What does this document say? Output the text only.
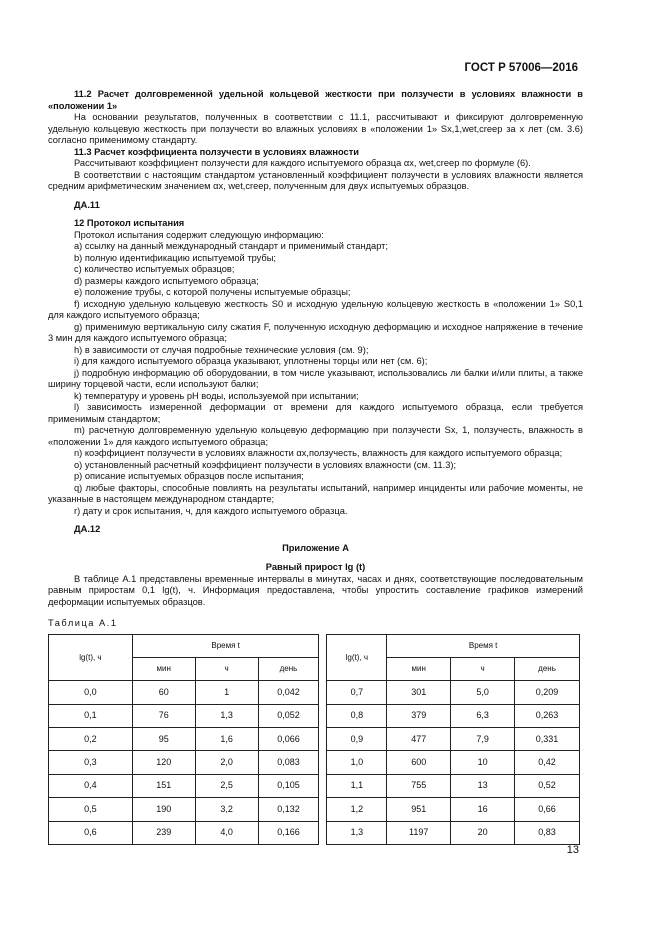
ГОСТ Р 57006—2016

11.2 Расчет долговременной удельной кольцевой жесткости при ползучести в условиях влажности в «положении 1»

На основании результатов, полученных в соответствии с 11.1, рассчитывают и фиксируют долговременную удельную кольцевую жесткость при ползучести во влажных условиях в «положении 1» Sx,1,wet,creep за x лет (см. 3.6) согласно применимому стандарту.

11.3 Расчет коэффициента ползучести в условиях влажности

Рассчитывают коэффициент ползучести для каждого испытуемого образца αx, wet,creep по формуле (6).

В соответствии с настоящим стандартом установленный коэффициент ползучести в условиях влажности является средним арифметическим значением αx, wet,creep, полученным для двух испытуемых образцов.

ДА.11

12 Протокол испытания

Протокол испытания содержит следующую информацию:

a) ссылку на данный международный стандарт и применимый стандарт;

b) полную идентификацию испытуемой трубы;

c) количество испытуемых образцов;

d) размеры каждого испытуемого образца;

e) положение трубы, с которой получены испытуемые образцы;

f) исходную удельную кольцевую жесткость S0 и исходную удельную кольцевую жесткость в «положении 1» S0,1 для каждого испытуемого образца;

g) применимую вертикальную силу сжатия F, полученную исходную деформацию и исходное напряжение в течение 3 мин для каждого испытуемого образца;

h) в зависимости от случая подробные технические условия (см. 9);

i) для каждого испытуемого образца указывают, уплотнены торцы или нет (см. 6);

j) подробную информацию об оборудовании, в том числе указывают, использовались ли балки и/или плиты, а также ширину торцевой части, если используют балки;

k) температуру и уровень pH воды, используемой при испытании;

l) зависимость измеренной деформации от времени для каждого испытуемого образца, если требуется применимым стандартом;

m) расчетную долговременную удельную кольцевую деформацию при ползучести Sx, 1, ползучесть, влажность в «положении 1» для каждого испытуемого образца;

n) коэффициент ползучести в условиях влажности αx,ползучесть, влажность для каждого испытуемого образца;

o) установленный расчетный коэффициент ползучести в условиях влажности (см. 11.3);

p) описание испытуемых образцов после испытания;

q) любые факторы, способные повлиять на результаты испытаний, например инциденты или рабочие моменты, не указанные в настоящем международном стандарте;

r) дату и срок испытания, ч, для каждого испытуемого образца.

ДА.12

Приложение А

Равный прирост lg (t)

В таблице А.1 представлены временные интервалы в минутах, часах и днях, соответствующие последовательным равным приростам 0,1 lg(t), ч. Информация предоставлена, чтобы упростить составление графиков измерений деформации испытуемых образцов.

Таблица А.1

lg(t), ч	Время t				lg(t), ч	Время t		
	мин	ч	день			мин	ч	день
0,0	60	1	0,042		0,7	301	5,0	0,209
0,1	76	1,3	0,052		0,8	379	6,3	0,263
0,2	95	1,6	0,066		0,9	477	7,9	0,331
0,3	120	2,0	0,083		1,0	600	10	0,42
0,4	151	2,5	0,105		1,1	755	13	0,52
0,5	190	3,2	0,132		1,2	951	16	0,66
0,6	239	4,0	0,166		1,3	1197	20	0,83
13
